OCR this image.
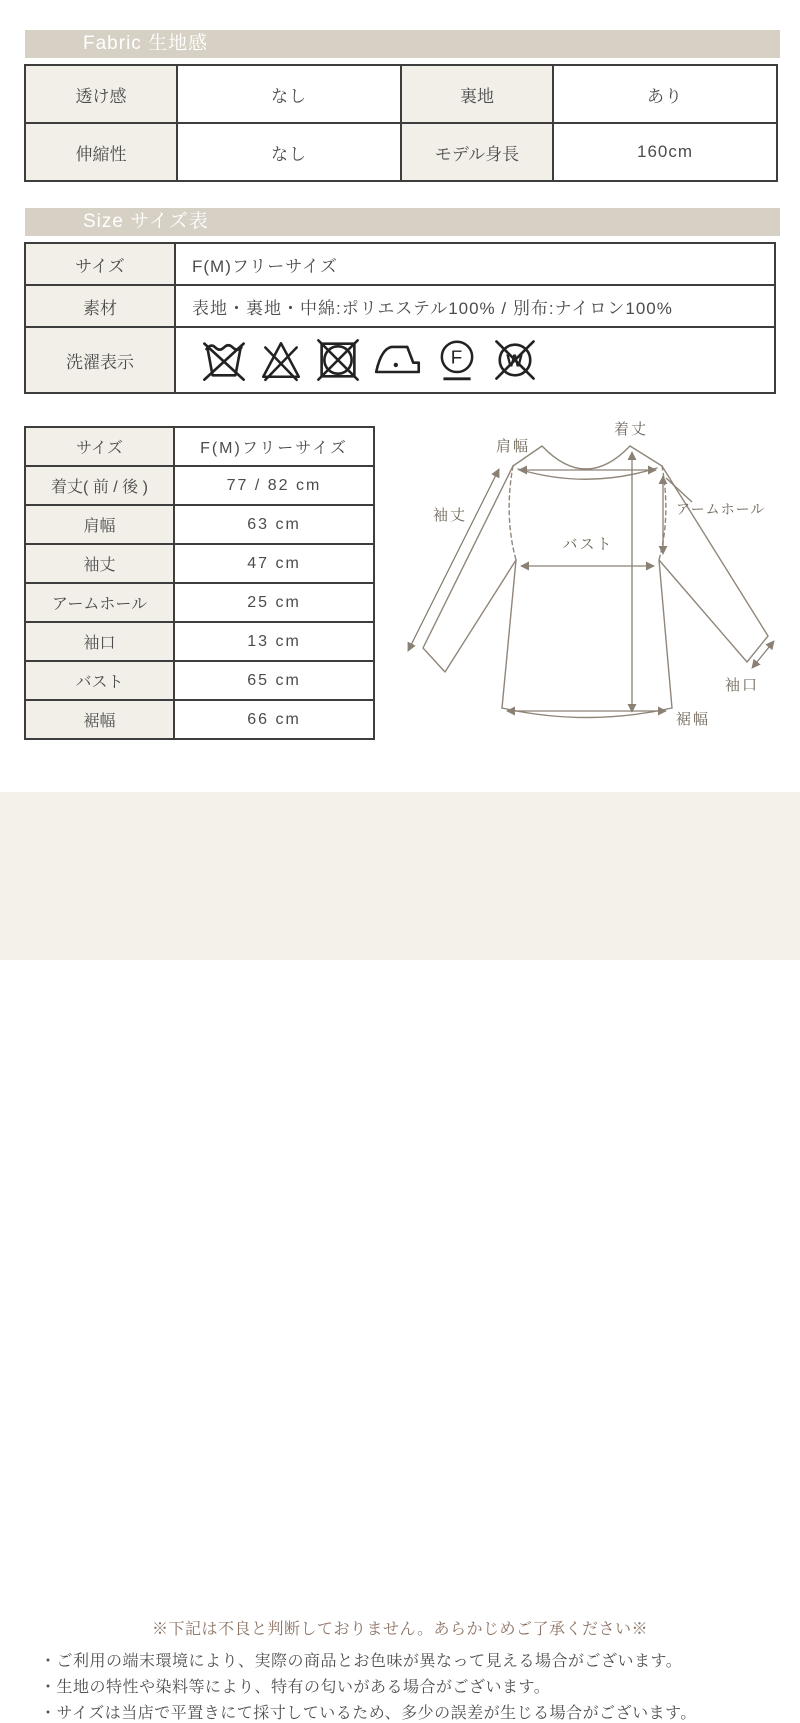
Fabric 生地感
透け感	なし	裏地	あり
伸縮性	なし	モデル身長	160cm
Size サイズ表
サイズ	F(M)フリーサイズ
素材	表地・裏地・中綿:ポリエステル100% / 別布:ナイロン100%
洗濯表示	F W
サイズ	F(M)フリーサイズ
着丈( 前 / 後 )	77 / 82 cm
肩幅	63 cm
袖丈	47 cm
アームホール	25 cm
袖口	13 cm
バスト	65 cm
裾幅	66 cm
肩幅
着丈
袖丈
バスト
アームホール
袖口
裾幅
※下記は不良と判断しておりません。あらかじめご了承ください※
・ご利用の端末環境により、実際の商品とお色味が異なって見える場合がございます。
・生地の特性や染料等により、特有の匂いがある場合がございます。
・サイズは当店で平置きにて採寸しているため、多少の誤差が生じる場合がございます。
